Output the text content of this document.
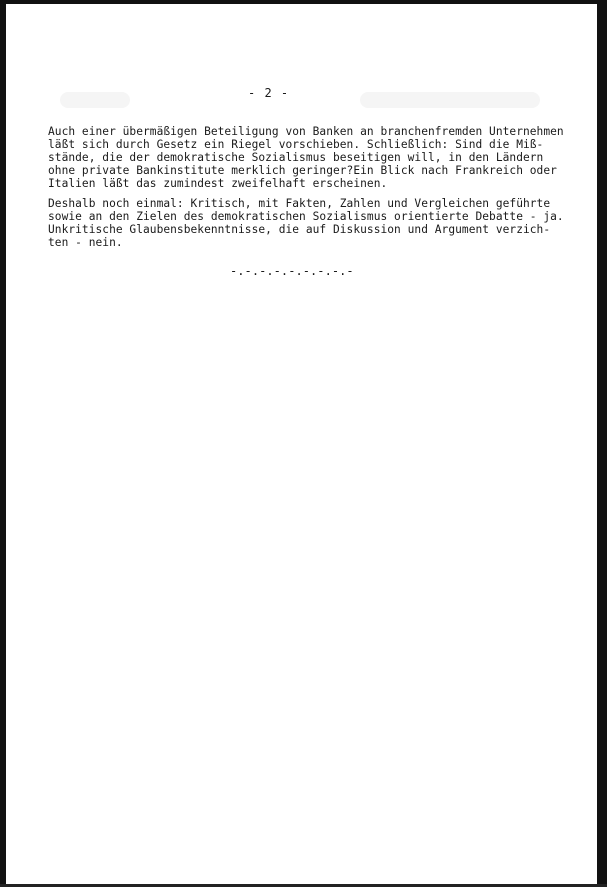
- 2 -
Auch einer übermäßigen Beteiligung von Banken an branchenfremden Unternehmen
läßt sich durch Gesetz ein Riegel vorschieben. Schließlich: Sind die Miß-
stände, die der demokratische Sozialismus beseitigen will, in den Ländern
ohne private Bankinstitute merklich geringer?Ein Blick nach Frankreich oder
Italien läßt das zumindest zweifelhaft erscheinen.
Deshalb noch einmal: Kritisch, mit Fakten, Zahlen und Vergleichen geführte
sowie an den Zielen des demokratischen Sozialismus orientierte Debatte - ja.
Unkritische Glaubensbekenntnisse, die auf Diskussion und Argument verzich-
ten - nein.
-.-.-.-.-.-.-.-.-
